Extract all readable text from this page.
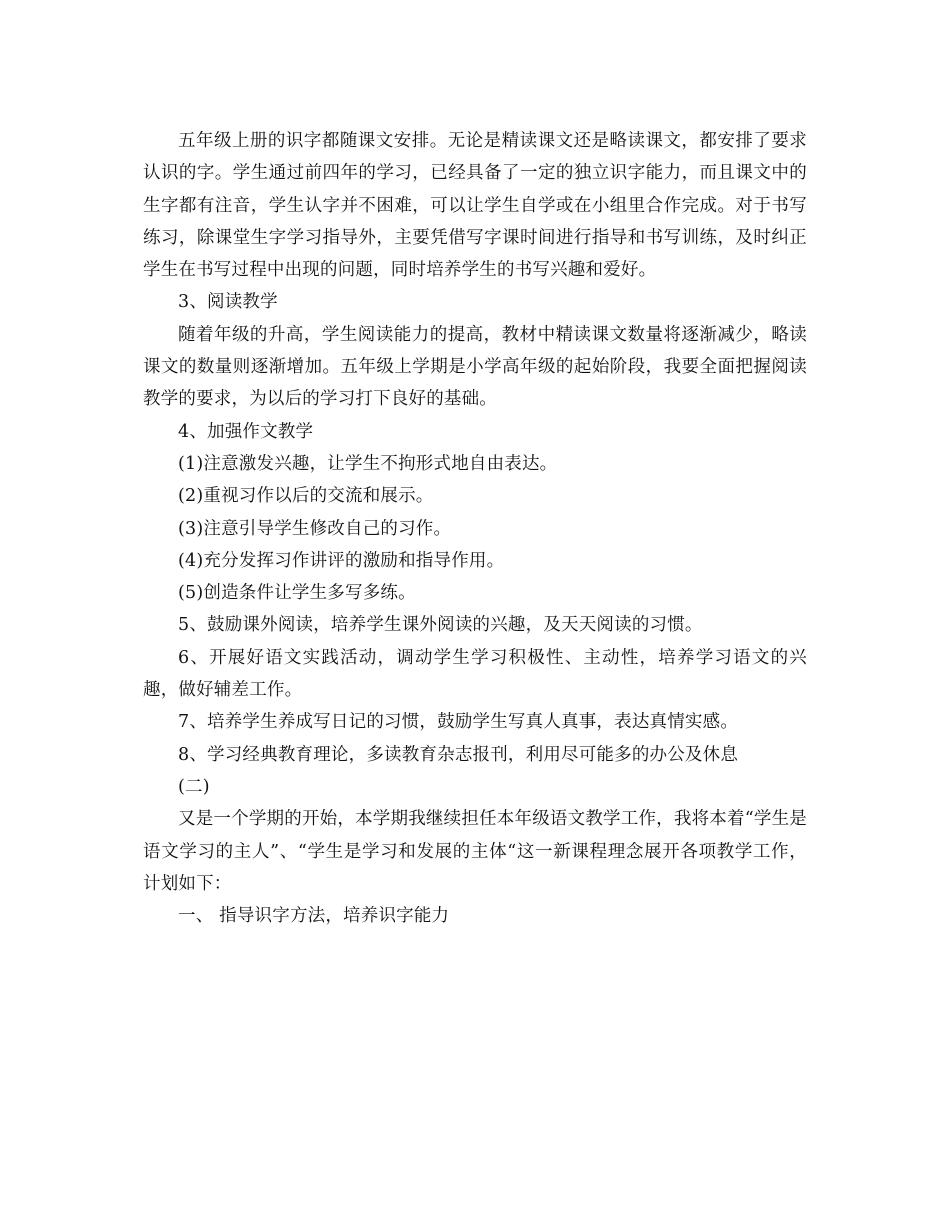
五年级上册的识字都随课文安排。无论是精读课文还是略读课文，都安排了要求认识的字。学生通过前四年的学习，已经具备了一定的独立识字能力，而且课文中的生字都有注音，学生认字并不困难，可以让学生自学或在小组里合作完成。对于书写练习，除课堂生字学习指导外，主要凭借写字课时间进行指导和书写训练，及时纠正学生在书写过程中出现的问题，同时培养学生的书写兴趣和爱好。

3、阅读教学

随着年级的升高，学生阅读能力的提高，教材中精读课文数量将逐渐减少，略读课文的数量则逐渐增加。五年级上学期是小学高年级的起始阶段，我要全面把握阅读教学的要求，为以后的学习打下良好的基础。

4、加强作文教学

(1)注意激发兴趣，让学生不拘形式地自由表达。

(2)重视习作以后的交流和展示。

(3)注意引导学生修改自己的习作。

(4)充分发挥习作讲评的激励和指导作用。

(5)创造条件让学生多写多练。

5、鼓励课外阅读，培养学生课外阅读的兴趣，及天天阅读的习惯。

6、开展好语文实践活动，调动学生学习积极性、主动性，培养学习语文的兴趣，做好辅差工作。

7、培养学生养成写日记的习惯，鼓励学生写真人真事，表达真情实感。

8、学习经典教育理论，多读教育杂志报刊，利用尽可能多的办公及休息

(二)

又是一个学期的开始，本学期我继续担任本年级语文教学工作，我将本着“学生是语文学习的主人”、“学生是学习和发展的主体“这一新课程理念展开各项教学工作，计划如下：

一、 指导识字方法，培养识字能力
